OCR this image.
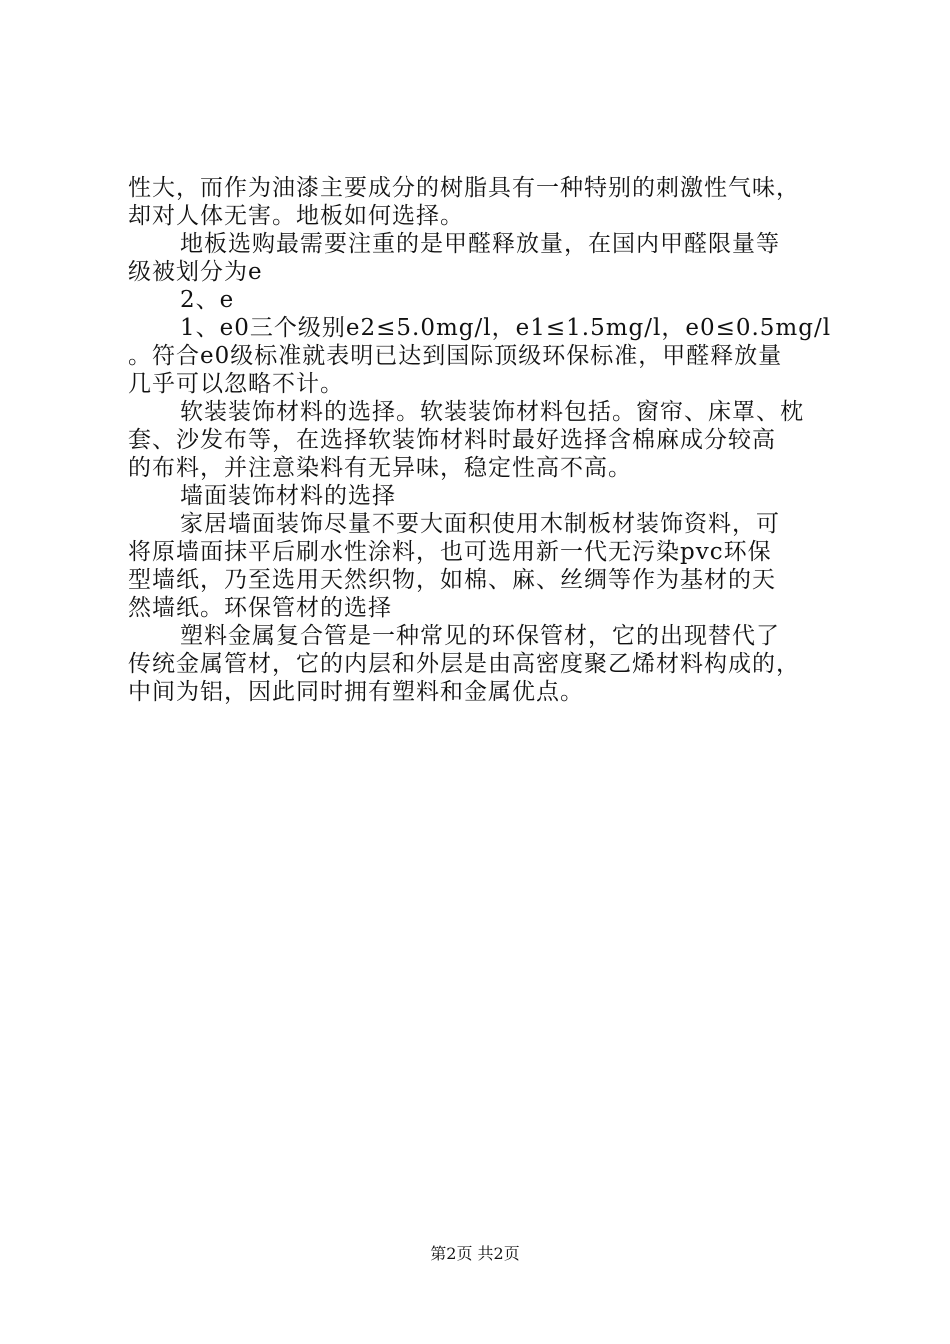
性大，而作为油漆主要成分的树脂具有一种特别的刺激性气味，
却对人体无害。地板如何选择。
地板选购最需要注重的是甲醛释放量，在国内甲醛限量等
级被划分为e
2、e
1、e0三个级别e2≤5.0mg/l，e1≤1.5mg/l，e0≤0.5mg/l
。符合e0级标准就表明已达到国际顶级环保标准，甲醛释放量
几乎可以忽略不计。
软装装饰材料的选择。软装装饰材料包括。窗帘、床罩、枕
套、沙发布等，在选择软装饰材料时最好选择含棉麻成分较高
的布料，并注意染料有无异味，稳定性高不高。
墙面装饰材料的选择
家居墙面装饰尽量不要大面积使用木制板材装饰资料，可
将原墙面抹平后刷水性涂料，也可选用新一代无污染pvc环保
型墙纸，乃至选用天然织物，如棉、麻、丝绸等作为基材的天
然墙纸。环保管材的选择
塑料金属复合管是一种常见的环保管材，它的出现替代了
传统金属管材，它的内层和外层是由高密度聚乙烯材料构成的，
中间为铝，因此同时拥有塑料和金属优点。
第2页 共2页
